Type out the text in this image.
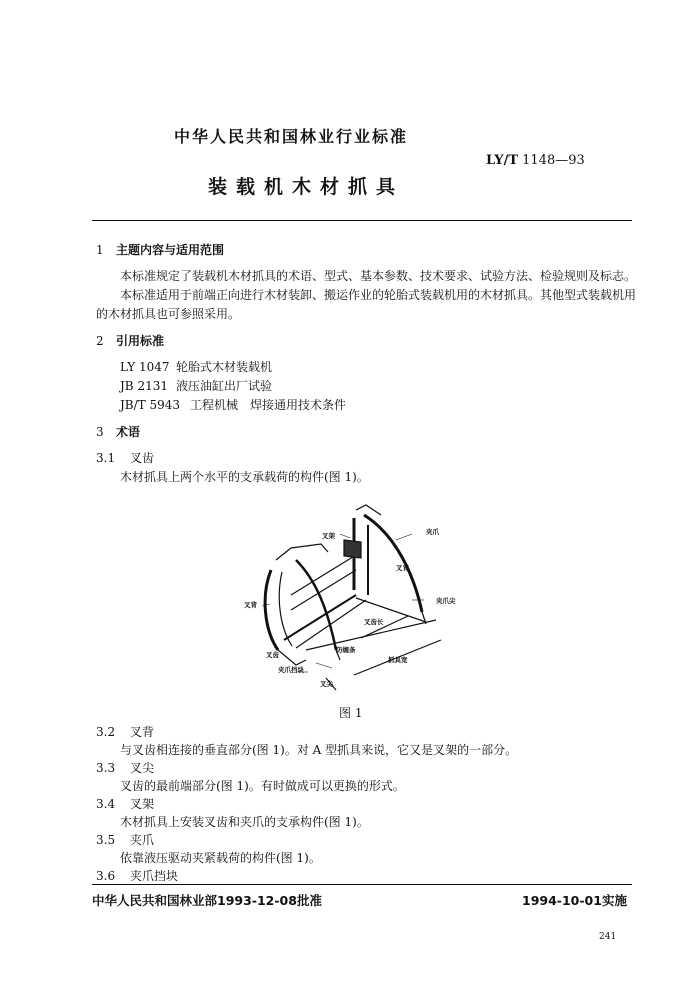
中华人民共和国林业行业标准
LY/T 1148—93
装载机木材抓具
1 主题内容与适用范围
本标准规定了装载机木材抓具的术语、型式、基本参数、技术要求、试验方法、检验规则及标志。
本标准适用于前端正向进行木材装卸、搬运作业的轮胎式装载机用的木材抓具。其他型式装载机用
的木材抓具也可参照采用。
2 引用标准
LY 1047 轮胎式木材装载机
JB 2131 液压油缸出厂试验
JB/T 5943 工程机械　焊接通用技术条件
3 术语
3.1 叉齿
木材抓具上两个水平的支承载荷的构件(图 1)。
叉架	夹爪
叉背
叉背	夹爪尖
叉齿长
叉齿
防缠条
抓具宽
夹爪挡块
叉尖
图 1
3.2 叉背
与叉齿相连接的垂直部分(图 1)。对 A 型抓具来说，它又是叉架的一部分。
3.3 叉尖
叉齿的最前端部分(图 1)。有时做成可以更换的形式。
3.4 叉架
木材抓具上安装叉齿和夹爪的支承构件(图 1)。
3.5 夹爪
依靠液压驱动夹紧载荷的构件(图 1)。
3.6 夹爪挡块
中华人民共和国林业部1993-12-08批准	1994-10-01实施
241
